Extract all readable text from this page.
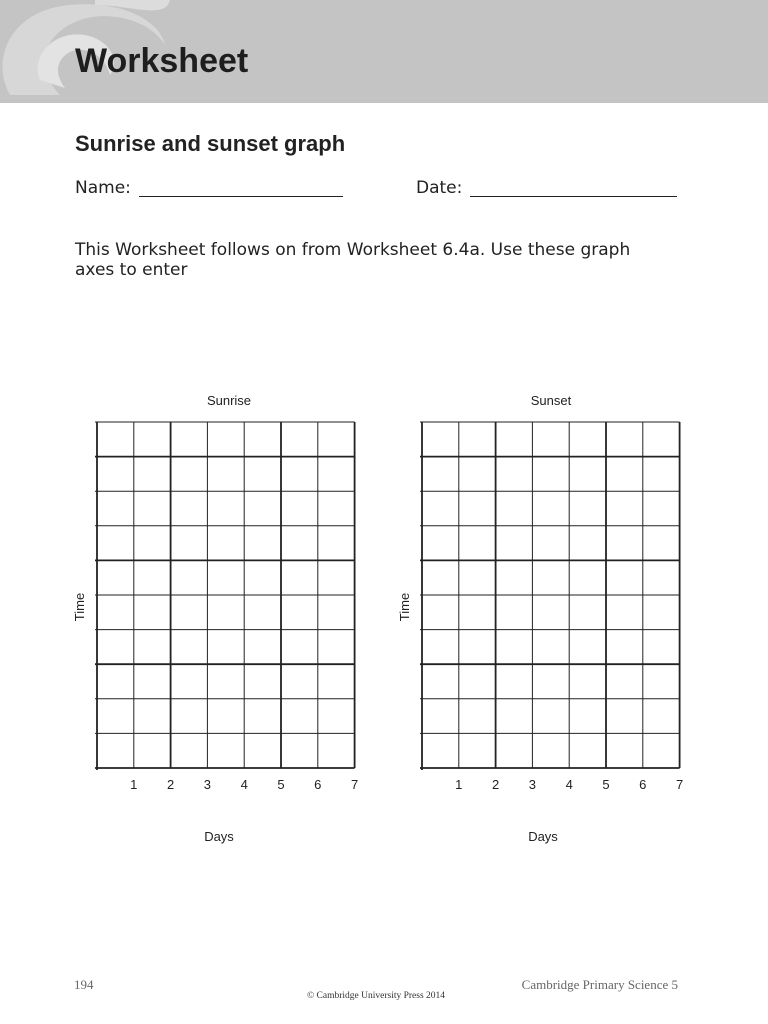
Worksheet
Sunrise and sunset graph
Name:	Date:
This Worksheet follows on from Worksheet 6.4a. Use these graph axes to enter
Sunrise
Time
1 2 3 4 5 6 7
Days
Sunset
Time
1 2 3 4 5 6 7
Days
194	Cambridge Primary Science 5
© Cambridge University Press 2014
